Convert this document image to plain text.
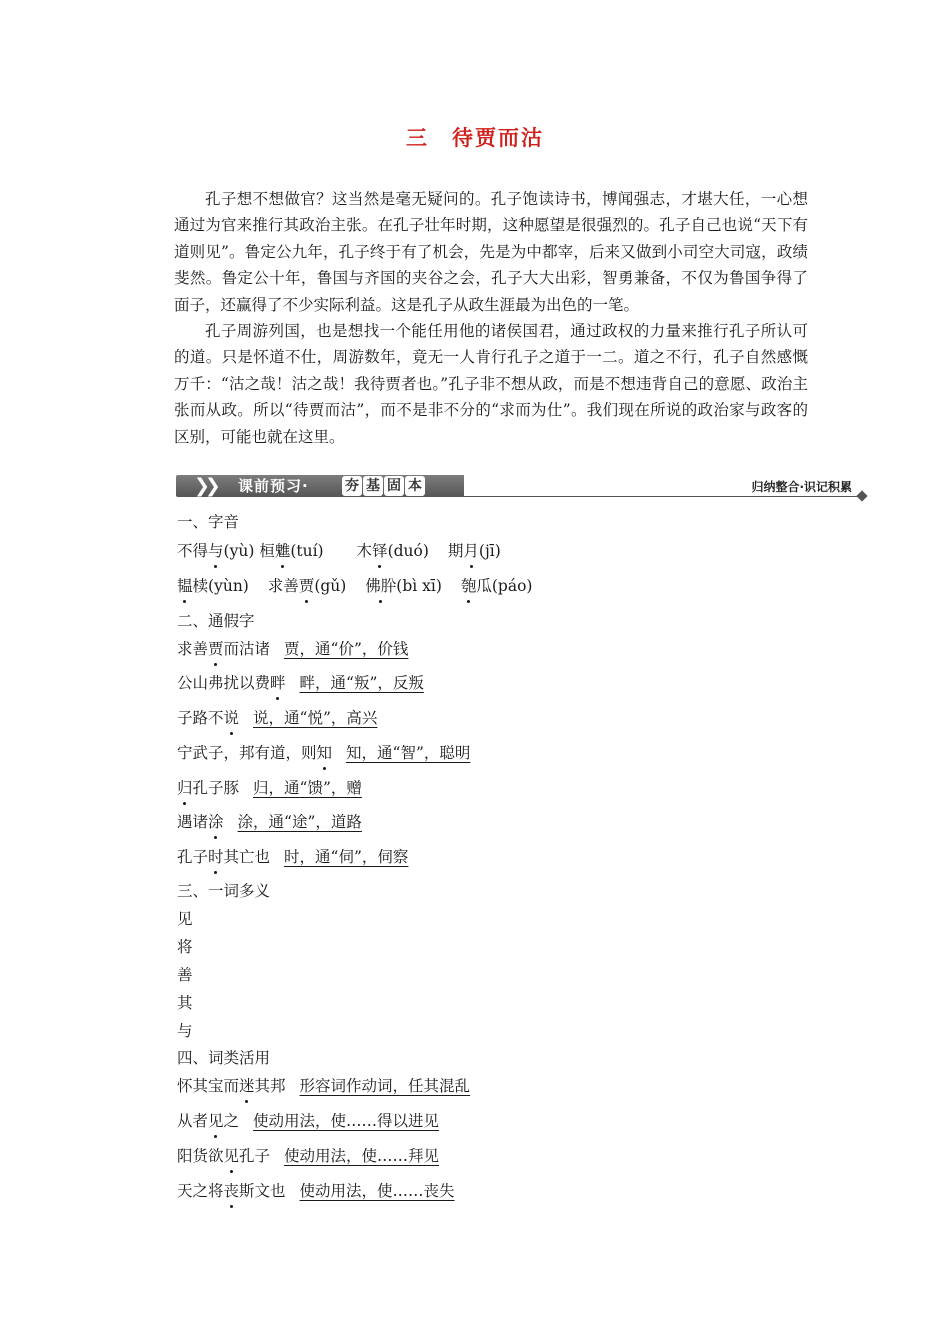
三　待贾而沽

孔子想不想做官？这当然是毫无疑问的。孔子饱读诗书，博闻强志，才堪大任，一心想通过为官来推行其政治主张。在孔子壮年时期，这种愿望是很强烈的。孔子自己也说“天下有道则见”。鲁定公九年，孔子终于有了机会，先是为中都宰，后来又做到小司空大司寇，政绩斐然。鲁定公十年，鲁国与齐国的夹谷之会，孔子大大出彩，智勇兼备，不仅为鲁国争得了面子，还赢得了不少实际利益。这是孔子从政生涯最为出色的一笔。

孔子周游列国，也是想找一个能任用他的诸侯国君，通过政权的力量来推行孔子所认可的道。只是怀道不仕，周游数年，竟无一人肯行孔子之道于一二。道之不行，孔子自然感慨万千：“沽之哉！沽之哉！我待贾者也。”孔子非不想从政，而是不想违背自己的意愿、政治主张而从政。所以“待贾而沽”，而不是非不分的“求而为仕”。我们现在所说的政治家与政客的区别，可能也就在这里。

❯❯ 课前预习·	夯 基 固 本	归纳整合·识记积累
一、字音
不得与(yù) 桓魋(tuí) 木铎(duó) 期月(jī)
韫椟(yùn) 求善贾(gǔ) 佛肸(bì xī) 匏瓜(páo)
二、通假字
求善贾而沽诸 贾，通“价”，价钱
公山弗扰以费畔 畔，通“叛”，反叛
子路不说 说，通“悦”，高兴
宁武子，邦有道，则知 知，通“智”，聪明
归孔子豚 归，通“馈”，赠
遇诸涂 涂，通“途”，道路
孔子时其亡也 时，通“伺”，伺察
三、一词多义
见
将
善
其
与
四、词类活用
怀其宝而迷其邦 形容词作动词，任其混乱
从者见之 使动用法，使……得以进见
阳货欲见孔子 使动用法，使……拜见
天之将丧斯文也 使动用法，使……丧失
